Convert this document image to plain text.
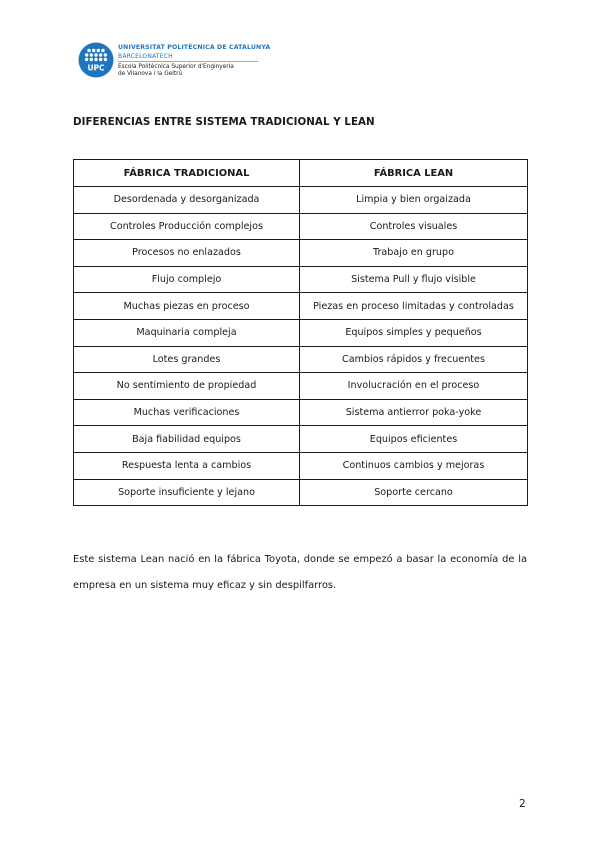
UPC
UNIVERSITAT POLITÈCNICA DE CATALUNYA
BARCELONATECH
Escola Politècnica Superior d'Enginyeria
de Vilanova i la Geltrú
DIFERENCIAS ENTRE SISTEMA TRADICIONAL Y LEAN
FÁBRICA TRADICIONAL	FÁBRICA LEAN
Desordenada y desorganizada	Limpia y bien orgaizada
Controles Producción complejos	Controles visuales
Procesos no enlazados	Trabajo en grupo
Flujo complejo	Sistema Pull y flujo visible
Muchas piezas en proceso	Piezas en proceso limitadas y controladas
Maquinaria compleja	Equipos simples y pequeños
Lotes grandes	Cambios rápidos y frecuentes
No sentimiento de propiedad	Involucración en el proceso
Muchas verificaciones	Sistema antierror poka-yoke
Baja fiabilidad equipos	Equipos eficientes
Respuesta lenta a cambios	Continuos cambios y mejoras
Soporte insuficiente y lejano	Soporte cercano

Este sistema Lean nació en la fábrica Toyota, donde se empezó a basar la economía de la
empresa en un sistema muy eficaz y sin despilfarros.

2
